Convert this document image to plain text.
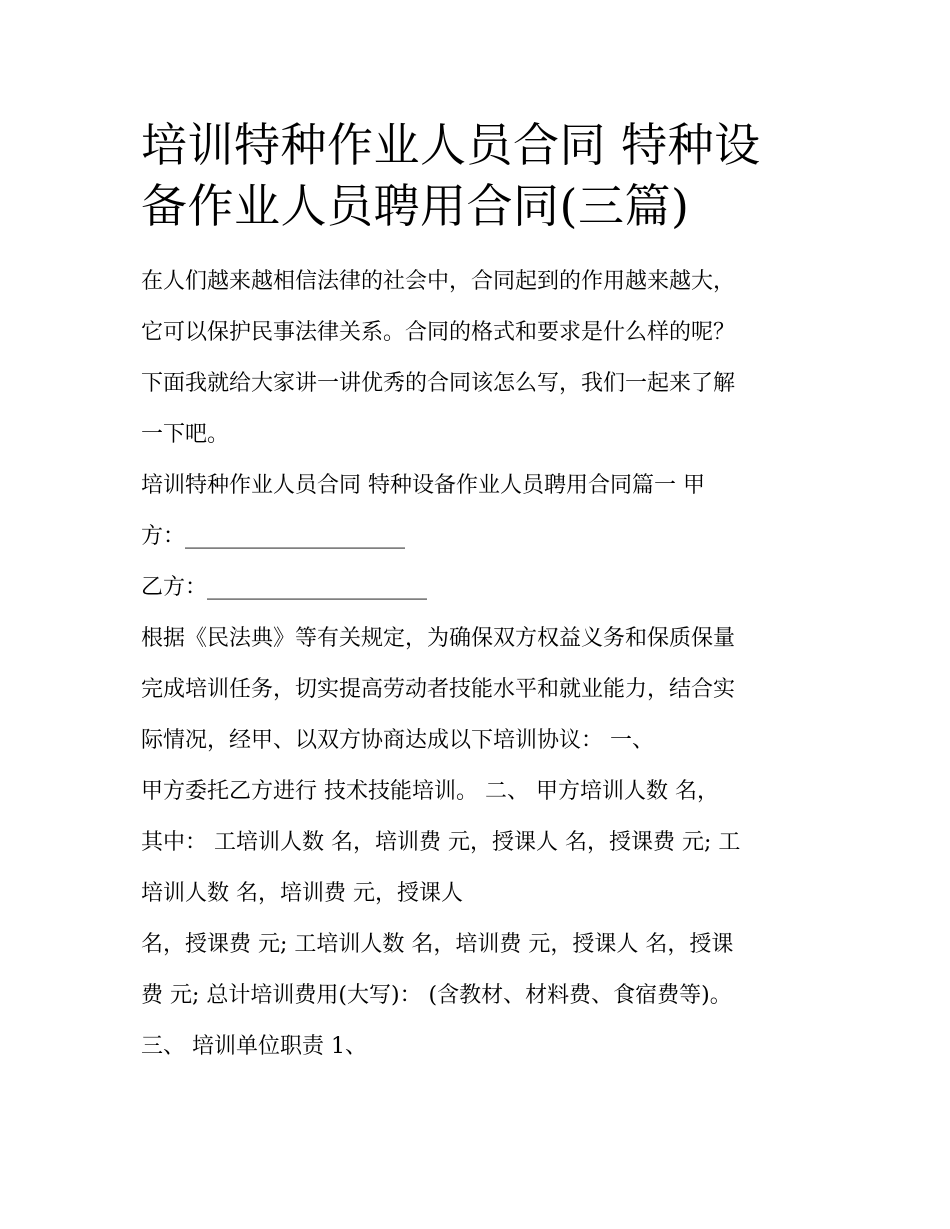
培训特种作业人员合同 特种设
备作业人员聘用合同(三篇)
在人们越来越相信法律的社会中，合同起到的作用越来越大，
它可以保护民事法律关系。合同的格式和要求是什么样的呢？
下面我就给大家讲一讲优秀的合同该怎么写，我们一起来了解
一下吧。
培训特种作业人员合同 特种设备作业人员聘用合同篇一 甲
方：____________________
乙方：____________________
根据《民法典》等有关规定，为确保双方权益义务和保质保量
完成培训任务，切实提高劳动者技能水平和就业能力，结合实
际情况，经甲、以双方协商达成以下培训协议： 一、
甲方委托乙方进行 技术技能培训。 二、 甲方培训人数 名，
其中： 工培训人数 名，培训费 元，授课人 名，授课费 元; 工
培训人数 名，培训费 元，授课人
名，授课费 元; 工培训人数 名，培训费 元，授课人 名，授课
费 元; 总计培训费用(大写)： (含教材、材料费、食宿费等)。
三、 培训单位职责 1、
